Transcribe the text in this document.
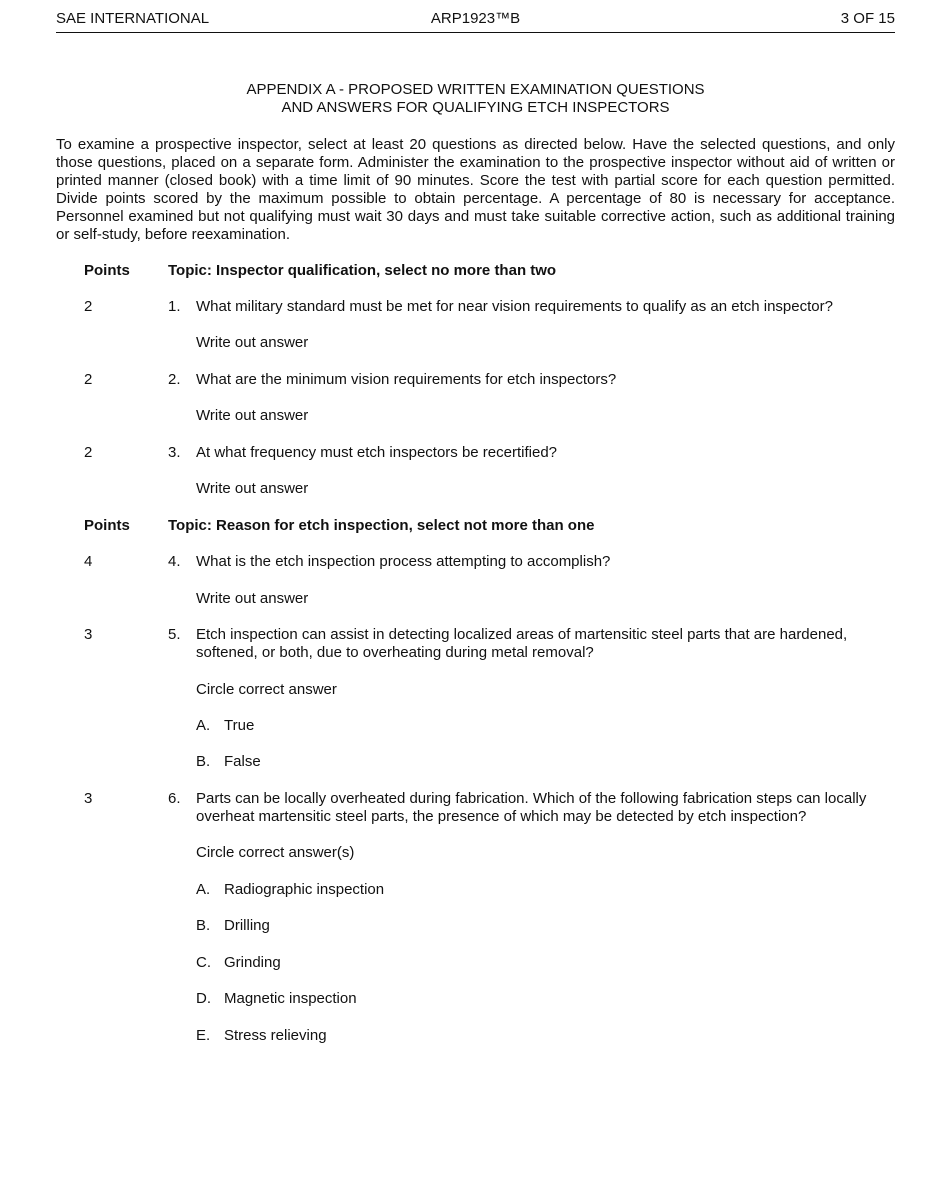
SAE INTERNATIONAL	ARP1923™B	3 OF 15
APPENDIX A - PROPOSED WRITTEN EXAMINATION QUESTIONS
AND ANSWERS FOR QUALIFYING ETCH INSPECTORS

To examine a prospective inspector, select at least 20 questions as directed below. Have the selected questions, and only those questions, placed on a separate form. Administer the examination to the prospective inspector without aid of written or printed manner (closed book) with a time limit of 90 minutes. Score the test with partial score for each question permitted. Divide points scored by the maximum possible to obtain percentage. A percentage of 80 is necessary for acceptance. Personnel examined but not qualifying must wait 30 days and must take suitable corrective action, such as additional training or self-study, before reexamination.

Points	Topic: Inspector qualification, select no more than two
2	1. What military standard must be met for near vision requirements to qualify as an etch inspector?
Write out answer
2	2. What are the minimum vision requirements for etch inspectors?
Write out answer
2	3. At what frequency must etch inspectors be recertified?
Write out answer
Points	Topic: Reason for etch inspection, select not more than one
4	4. What is the etch inspection process attempting to accomplish?
Write out answer
3	5. Etch inspection can assist in detecting localized areas of martensitic steel parts that are hardened, softened, or both, due to overheating during metal removal?
Circle correct answer
A. True
B. False
3	6. Parts can be locally overheated during fabrication. Which of the following fabrication steps can locally overheat martensitic steel parts, the presence of which may be detected by etch inspection?
Circle correct answer(s)
A. Radiographic inspection
B. Drilling
C. Grinding
D. Magnetic inspection
E. Stress relieving
